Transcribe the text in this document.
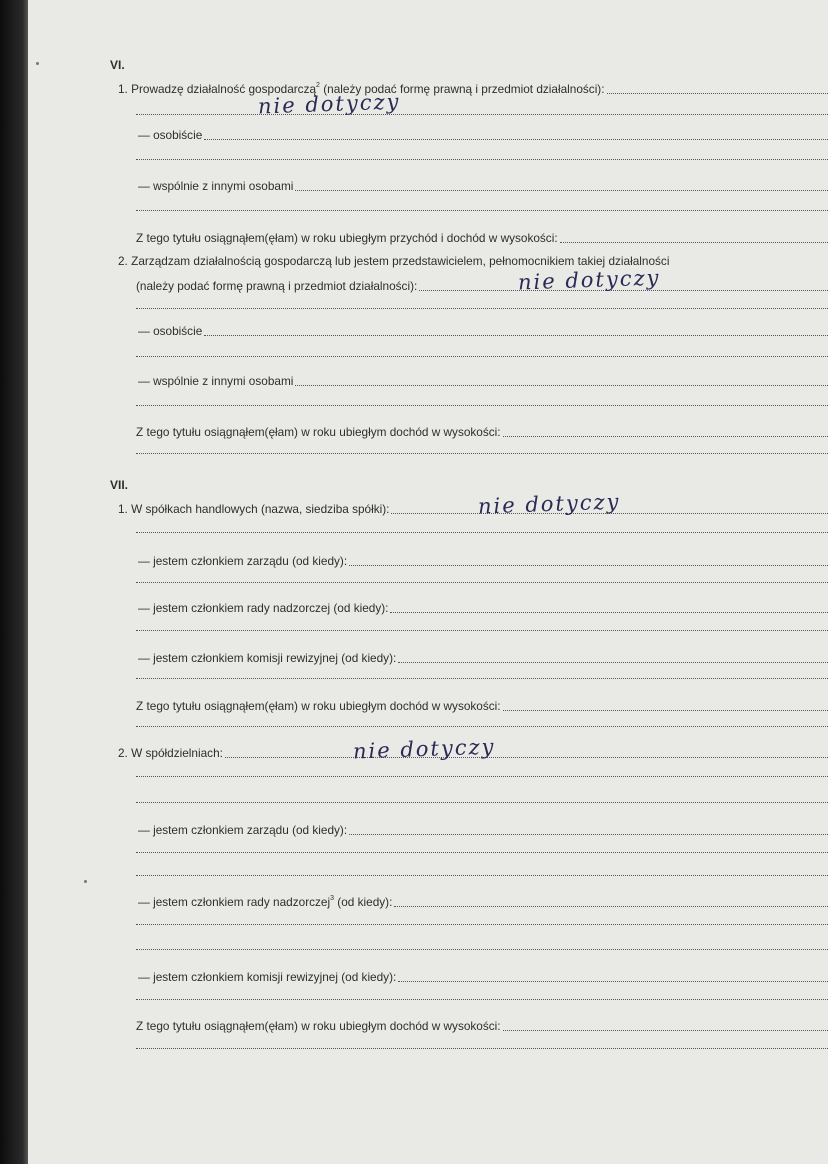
VI.
1. Prowadzę działalność gospodarczą$^2$ (należy podać formę prawną i przedmiot działalności):
nie dotyczy
— osobiście
— wspólnie z innymi osobami
Z tego tytułu osiągnąłem(ęłam) w roku ubiegłym przychód i dochód w wysokości:
2. Zarządzam działalnością gospodarczą lub jestem przedstawicielem, pełnomocnikiem takiej działalności
(należy podać formę prawną i przedmiot działalności):	nie dotyczy
— osobiście
— wspólnie z innymi osobami
Z tego tytułu osiągnąłem(ęłam) w roku ubiegłym dochód w wysokości:
VII.
1. W spółkach handlowych (nazwa, siedziba spółki):	nie dotyczy
— jestem członkiem zarządu (od kiedy):
— jestem członkiem rady nadzorczej (od kiedy):
— jestem członkiem komisji rewizyjnej (od kiedy):
Z tego tytułu osiągnąłem(ęłam) w roku ubiegłym dochód w wysokości:
2. W spółdzielniach:	nie dotyczy
— jestem członkiem zarządu (od kiedy):
— jestem członkiem rady nadzorczej$^3$ (od kiedy):
— jestem członkiem komisji rewizyjnej (od kiedy):
Z tego tytułu osiągnąłem(ęłam) w roku ubiegłym dochód w wysokości:
